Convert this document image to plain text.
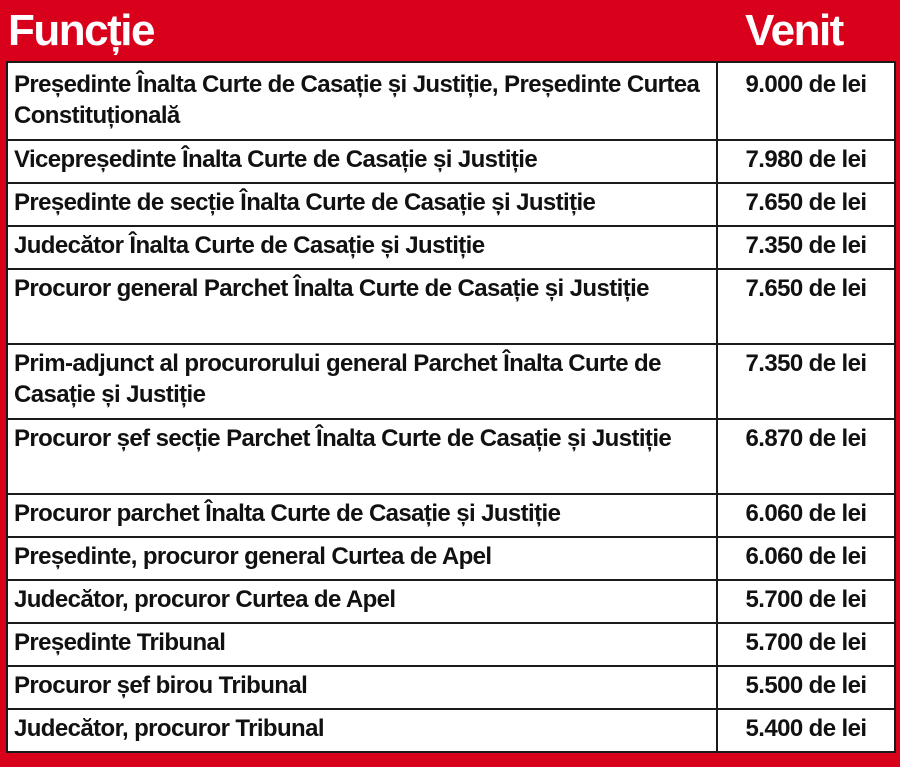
Funcție	Venit
Președinte Înalta Curte de Casație și Justiție, Președinte Curtea Constituțională	9.000 de lei
Vicepreședinte Înalta Curte de Casație și Justiție	7.980 de lei
Președinte de secție Înalta Curte de Casație și Justiție	7.650 de lei
Judecător Înalta Curte de Casație și Justiție	7.350 de lei
Procuror general Parchet Înalta Curte de Casație și Justiție	7.650 de lei
Prim-adjunct al procurorului general Parchet Înalta Curte de Casație și Justiție	7.350 de lei
Procuror șef secție Parchet Înalta Curte de Casație și Justiție	6.870 de lei
Procuror parchet Înalta Curte de Casație și Justiție	6.060 de lei
Președinte, procuror general Curtea de Apel	6.060 de lei
Judecător, procuror Curtea de Apel	5.700 de lei
Președinte Tribunal	5.700 de lei
Procuror șef birou Tribunal	5.500 de lei
Judecător, procuror Tribunal	5.400 de lei
